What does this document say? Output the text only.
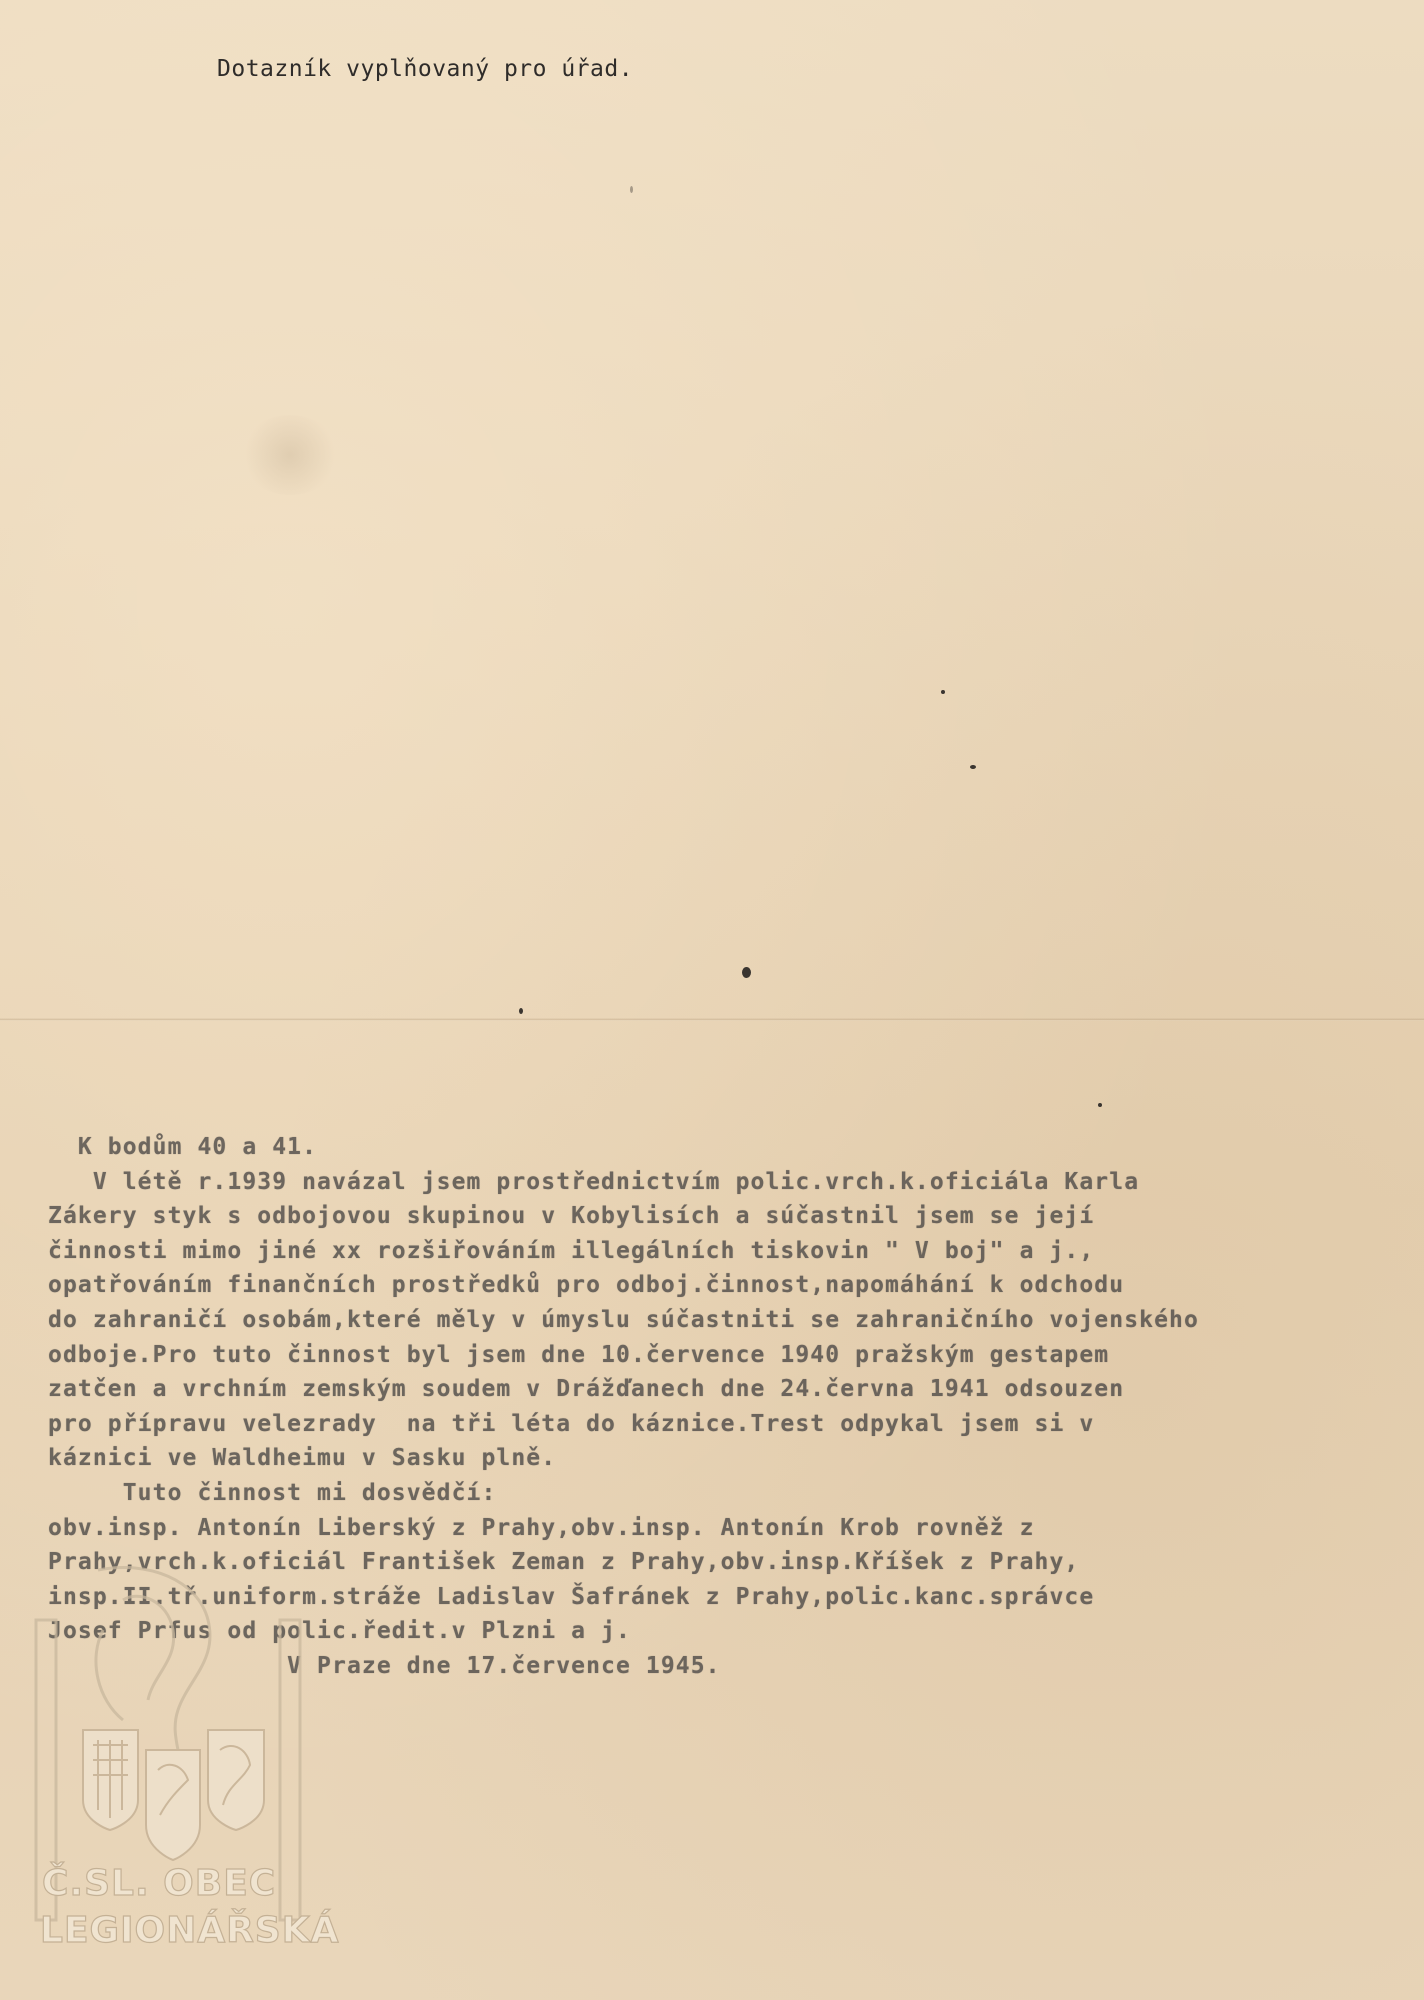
Dotazník vyplňovaný pro úřad.
K bodům 40 a 41.
V létě r.1939 navázal jsem prostřednictvím polic.vrch.k.oficiála Karla
Zákery styk s odbojovou skupinou v Kobylisích a súčastnil jsem se její
činnosti mimo jiné xx rozšiřováním illegálních tiskovin " V boj" a j.,
opatřováním finančních prostředků pro odboj.činnost,napomáhání k odchodu
do zahraničí osobám,které měly v úmyslu súčastniti se zahraničního vojenského
odboje.Pro tuto činnost byl jsem dne 10.července 1940 pražským gestapem
zatčen a vrchním zemským soudem v Drážďanech dne 24.června 1941 odsouzen
pro přípravu velezrady  na tři léta do káznice.Trest odpykal jsem si v
káznici ve Waldheimu v Sasku plně.
Tuto činnost mi dosvědčí:
obv.insp. Antonín Liberský z Prahy,obv.insp. Antonín Krob rovněž z
Prahy,vrch.k.oficiál František Zeman z Prahy,obv.insp.Kříšek z Prahy,
insp.II.tř.uniform.stráže Ladislav Šafránek z Prahy,polic.kanc.správce
Josef Prfus od polic.ředit.v Plzni a j.
V Praze dne 17.července 1945.
Č.SL. OBEC
LEGIONÁŘSKÁ
